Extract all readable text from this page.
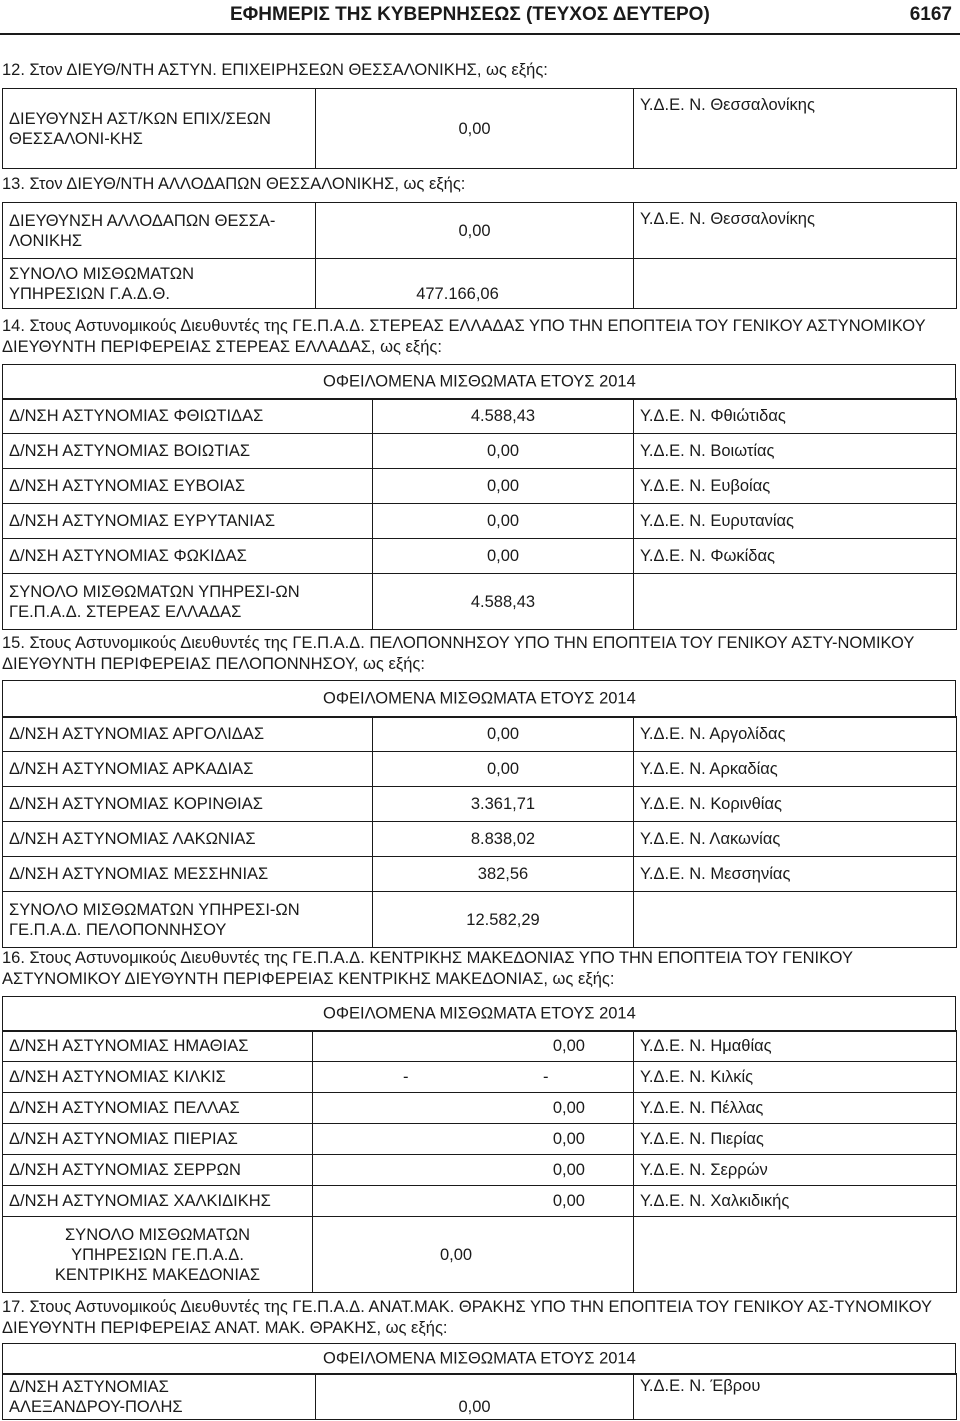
ΕΦΗΜΕΡΙΣ ΤΗΣ ΚΥΒΕΡΝΗΣΕΩΣ (ΤΕΥΧΟΣ ΔΕΥΤΕΡΟ)	6167
12. Στον ΔΙΕΥΘ/ΝΤΗ ΑΣΤΥΝ. ΕΠΙΧΕΙΡΗΣΕΩΝ ΘΕΣΣΑΛΟΝΙΚΗΣ, ως εξής:
ΔΙΕΥΘΥΝΣΗ ΑΣΤ/ΚΩΝ ΕΠΙΧ/ΣΕΩΝ ΘΕΣΣΑΛΟΝΙ-ΚΗΣ	0,00	Υ.Δ.Ε. Ν. Θεσσαλονίκης
13. Στον ΔΙΕΥΘ/ΝΤΗ ΑΛΛΟΔΑΠΩΝ ΘΕΣΣΑΛΟΝΙΚΗΣ, ως εξής:
ΔΙΕΥΘΥΝΣΗ ΑΛΛΟΔΑΠΩΝ ΘΕΣΣΑ-ΛΟΝΙΚΗΣ	0,00	Υ.Δ.Ε. Ν. Θεσσαλονίκης
ΣΥΝΟΛΟ ΜΙΣΘΩΜΑΤΩΝ ΥΠΗΡΕΣΙΩΝ Γ.Α.Δ.Θ.	477.166,06	
14. Στους Αστυνομικούς Διευθυντές της ΓΕ.Π.Α.Δ. ΣΤΕΡΕΑΣ ΕΛΛΑΔΑΣ ΥΠΟ ΤΗΝ ΕΠΟΠΤΕΙΑ ΤΟΥ ΓΕΝΙΚΟΥ ΑΣΤΥΝΟΜΙΚΟΥ ΔΙΕΥΘΥΝΤΗ ΠΕΡΙΦΕΡΕΙΑΣ ΣΤΕΡΕΑΣ ΕΛΛΑΔΑΣ, ως εξής:
ΟΦΕΙΛΟΜΕΝΑ ΜΙΣΘΩΜΑΤΑ ΕΤΟΥΣ 2014
Δ/ΝΣΗ ΑΣΤΥΝΟΜΙΑΣ ΦΘΙΩΤΙΔΑΣ	4.588,43	Υ.Δ.Ε. Ν. Φθιώτιδας
Δ/ΝΣΗ ΑΣΤΥΝΟΜΙΑΣ ΒΟΙΩΤΙΑΣ	0,00	Υ.Δ.Ε. Ν. Βοιωτίας
Δ/ΝΣΗ ΑΣΤΥΝΟΜΙΑΣ ΕΥΒΟΙΑΣ	0,00	Υ.Δ.Ε. Ν. Ευβοίας
Δ/ΝΣΗ ΑΣΤΥΝΟΜΙΑΣ ΕΥΡΥΤΑΝΙΑΣ	0,00	Υ.Δ.Ε. Ν. Ευρυτανίας
Δ/ΝΣΗ ΑΣΤΥΝΟΜΙΑΣ ΦΩΚΙΔΑΣ	0,00	Υ.Δ.Ε. Ν. Φωκίδας
ΣΥΝΟΛΟ ΜΙΣΘΩΜΑΤΩΝ ΥΠΗΡΕΣΙ-ΩΝ ΓΕ.Π.Α.Δ. ΣΤΕΡΕΑΣ ΕΛΛΑΔΑΣ	4.588,43	
15. Στους Αστυνομικούς Διευθυντές της ΓΕ.Π.Α.Δ. ΠΕΛΟΠΟΝΝΗΣΟΥ ΥΠΟ ΤΗΝ ΕΠΟΠΤΕΙΑ ΤΟΥ ΓΕΝΙΚΟΥ ΑΣΤΥ-ΝΟΜΙΚΟΥ ΔΙΕΥΘΥΝΤΗ ΠΕΡΙΦΕΡΕΙΑΣ ΠΕΛΟΠΟΝΝΗΣΟΥ, ως εξής:
ΟΦΕΙΛΟΜΕΝΑ ΜΙΣΘΩΜΑΤΑ ΕΤΟΥΣ 2014
Δ/ΝΣΗ ΑΣΤΥΝΟΜΙΑΣ ΑΡΓΟΛΙΔΑΣ	0,00	Υ.Δ.Ε. Ν. Αργολίδας
Δ/ΝΣΗ ΑΣΤΥΝΟΜΙΑΣ ΑΡΚΑΔΙΑΣ	0,00	Υ.Δ.Ε. Ν. Αρκαδίας
Δ/ΝΣΗ ΑΣΤΥΝΟΜΙΑΣ ΚΟΡΙΝΘΙΑΣ	3.361,71	Υ.Δ.Ε. Ν. Κορινθίας
Δ/ΝΣΗ ΑΣΤΥΝΟΜΙΑΣ ΛΑΚΩΝΙΑΣ	8.838,02	Υ.Δ.Ε. Ν. Λακωνίας
Δ/ΝΣΗ ΑΣΤΥΝΟΜΙΑΣ ΜΕΣΣΗΝΙΑΣ	382,56	Υ.Δ.Ε. Ν. Μεσσηνίας
ΣΥΝΟΛΟ ΜΙΣΘΩΜΑΤΩΝ ΥΠΗΡΕΣΙ-ΩΝ ΓΕ.Π.Α.Δ. ΠΕΛΟΠΟΝΝΗΣΟΥ	12.582,29	
16. Στους Αστυνομικούς Διευθυντές της ΓΕ.Π.Α.Δ. ΚΕΝΤΡΙΚΗΣ ΜΑΚΕΔΟΝΙΑΣ ΥΠΟ ΤΗΝ ΕΠΟΠΤΕΙΑ ΤΟΥ ΓΕΝΙΚΟΥ ΑΣΤΥΝΟΜΙΚΟΥ ΔΙΕΥΘΥΝΤΗ ΠΕΡΙΦΕΡΕΙΑΣ ΚΕΝΤΡΙΚΗΣ ΜΑΚΕΔΟΝΙΑΣ, ως εξής:
ΟΦΕΙΛΟΜΕΝΑ ΜΙΣΘΩΜΑΤΑ ΕΤΟΥΣ 2014
Δ/ΝΣΗ ΑΣΤΥΝΟΜΙΑΣ ΗΜΑΘΙΑΣ	0,00	Υ.Δ.Ε. Ν. Ημαθίας
Δ/ΝΣΗ ΑΣΤΥΝΟΜΙΑΣ ΚΙΛΚΙΣ	- -	Υ.Δ.Ε. Ν. Κιλκίς
Δ/ΝΣΗ ΑΣΤΥΝΟΜΙΑΣ ΠΕΛΛΑΣ	0,00	Υ.Δ.Ε. Ν. Πέλλας
Δ/ΝΣΗ ΑΣΤΥΝΟΜΙΑΣ ΠΙΕΡΙΑΣ	0,00	Υ.Δ.Ε. Ν. Πιερίας
Δ/ΝΣΗ ΑΣΤΥΝΟΜΙΑΣ ΣΕΡΡΩΝ	0,00	Υ.Δ.Ε. Ν. Σερρών
Δ/ΝΣΗ ΑΣΤΥΝΟΜΙΑΣ ΧΑΛΚΙΔΙΚΗΣ	0,00	Υ.Δ.Ε. Ν. Χαλκιδικής
ΣΥΝΟΛΟ ΜΙΣΘΩΜΑΤΩΝ ΥΠΗΡΕΣΙΩΝ ΓΕ.Π.Α.Δ. ΚΕΝΤΡΙΚΗΣ ΜΑΚΕΔΟΝΙΑΣ	0,00	
17. Στους Αστυνομικούς Διευθυντές της ΓΕ.Π.Α.Δ. ΑΝΑΤ.ΜΑΚ. ΘΡΑΚΗΣ ΥΠΟ ΤΗΝ ΕΠΟΠΤΕΙΑ ΤΟΥ ΓΕΝΙΚΟΥ ΑΣ-ΤΥΝΟΜΙΚΟΥ ΔΙΕΥΘΥΝΤΗ ΠΕΡΙΦΕΡΕΙΑΣ ΑΝΑΤ. ΜΑΚ. ΘΡΑΚΗΣ, ως εξής:
ΟΦΕΙΛΟΜΕΝΑ ΜΙΣΘΩΜΑΤΑ ΕΤΟΥΣ 2014
Δ/ΝΣΗ ΑΣΤΥΝΟΜΙΑΣ ΑΛΕΞΑΝΔΡΟΥ-ΠΟΛΗΣ	0,00	Υ.Δ.Ε. Ν. Έβρου
